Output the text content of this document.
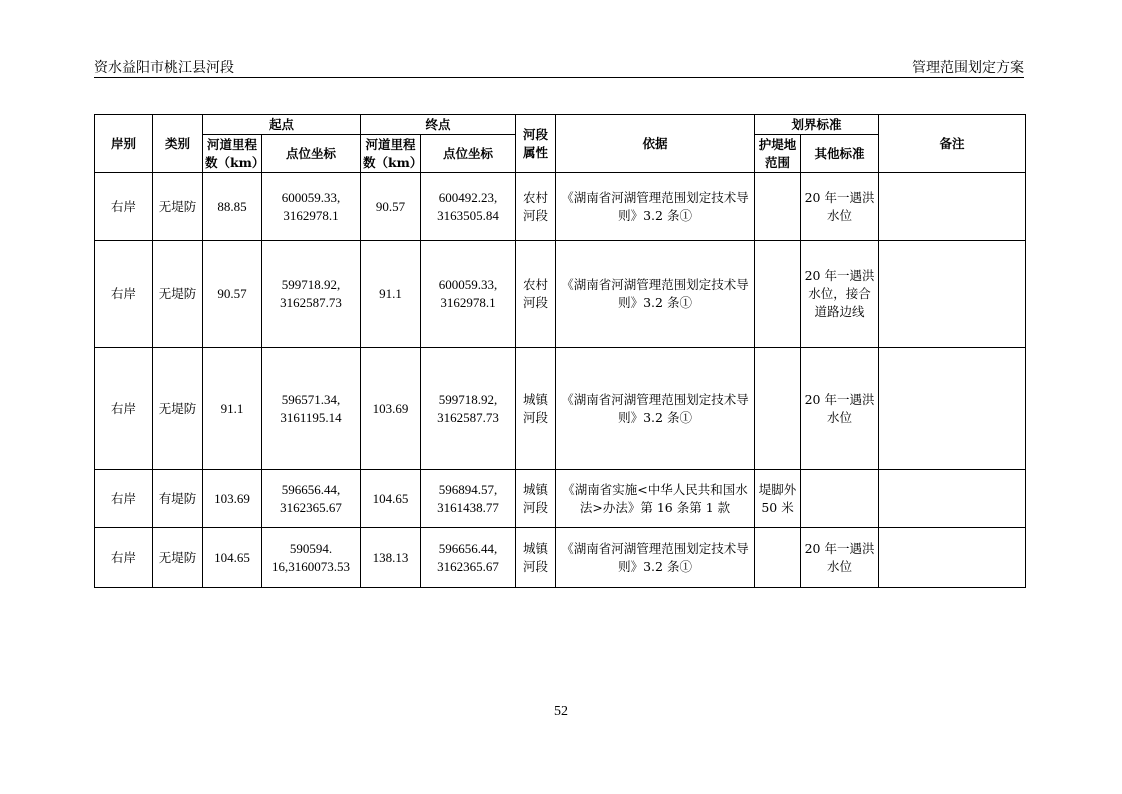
资水益阳市桃江县河段	管理范围划定方案
岸别	类别	起点		终点		河段属性	依据	划界标准		备注
		河道里程数（km）	点位坐标	河道里程数（km）	点位坐标			护堤地范围	其他标准	
右岸	无堤防	88.85	600059.33, 3162978.1	90.57	600492.23, 3163505.84	农村河段	《湖南省河湖管理范围划定技术导则》3.2 条①		20 年一遇洪水位	
右岸	无堤防	90.57	599718.92, 3162587.73	91.1	600059.33, 3162978.1	农村河段	《湖南省河湖管理范围划定技术导则》3.2 条①		20 年一遇洪水位，接合道路边线	
右岸	无堤防	91.1	596571.34, 3161195.14	103.69	599718.92, 3162587.73	城镇河段	《湖南省河湖管理范围划定技术导则》3.2 条①		20 年一遇洪水位	
右岸	有堤防	103.69	596656.44, 3162365.67	104.65	596894.57, 3161438.77	城镇河段	《湖南省实施<中华人民共和国水法>办法》第 16 条第 1 款	堤脚外 50 米		
右岸	无堤防	104.65	590594. 16,3160073.53	138.13	596656.44, 3162365.67	城镇河段	《湖南省河湖管理范围划定技术导则》3.2 条①		20 年一遇洪水位	
52
